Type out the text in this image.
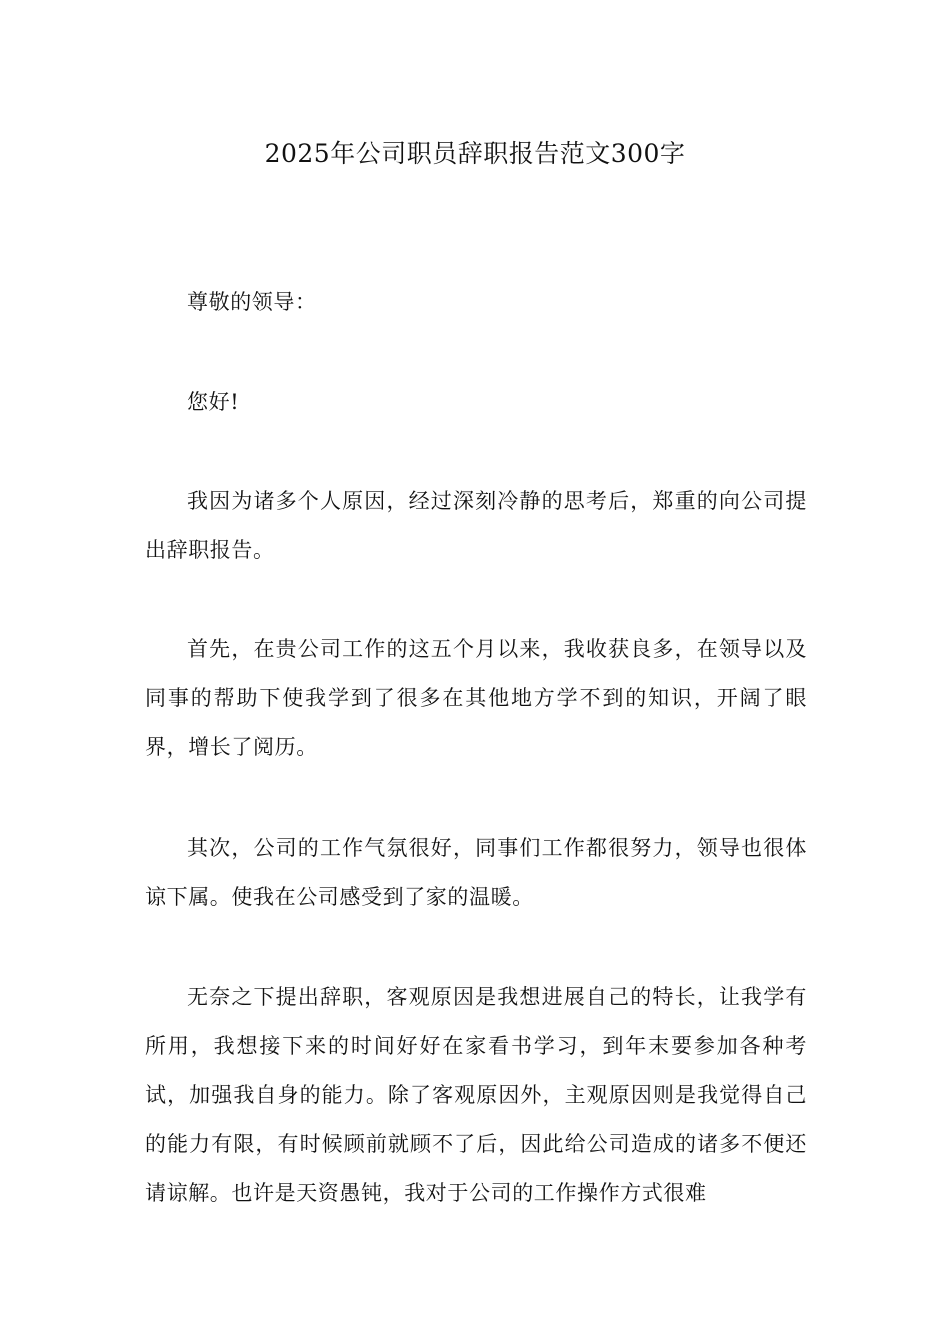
2025年公司职员辞职报告范文300字

尊敬的领导：

您好!

我因为诸多个人原因，经过深刻冷静的思考后，郑重的向公司提出辞职报告。

首先，在贵公司工作的这五个月以来，我收获良多，在领导以及同事的帮助下使我学到了很多在其他地方学不到的知识，开阔了眼界，增长了阅历。

其次，公司的工作气氛很好，同事们工作都很努力，领导也很体谅下属。使我在公司感受到了家的温暖。

无奈之下提出辞职，客观原因是我想进展自己的特长，让我学有所用，我想接下来的时间好好在家看书学习，到年末要参加各种考试，加强我自身的能力。除了客观原因外，主观原因则是我觉得自己的能力有限，有时候顾前就顾不了后，因此给公司造成的诸多不便还请谅解。也许是天资愚钝，我对于公司的工作操作方式很难
